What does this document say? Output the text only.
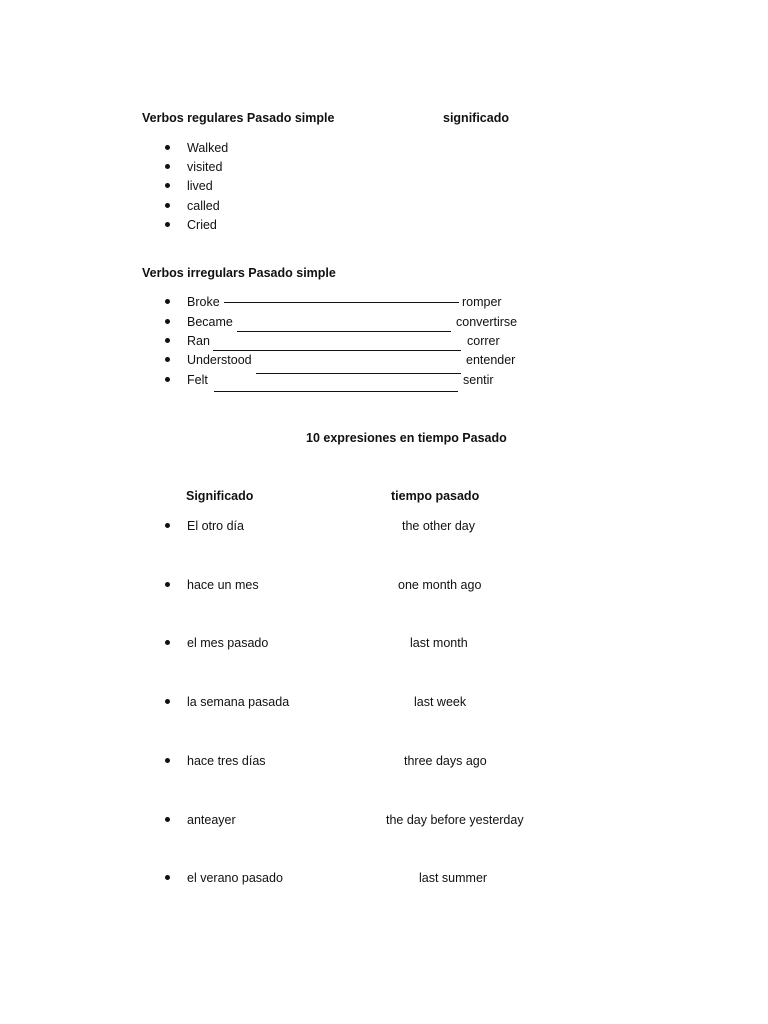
Verbos regulares Pasado simple	significado
Walked
visited
lived
called
Cried
Verbos irregulars Pasado simple
Broke	romper
Became	convertirse
Ran	correr
Understood	entender
Felt	sentir
10 expresiones en tiempo Pasado
Significado	tiempo pasado
El otro día	the other day
hace un mes	one month ago
el mes pasado	last month
la semana pasada	last week
hace tres días	three days ago
anteayer	the day before yesterday
el verano pasado	last summer
